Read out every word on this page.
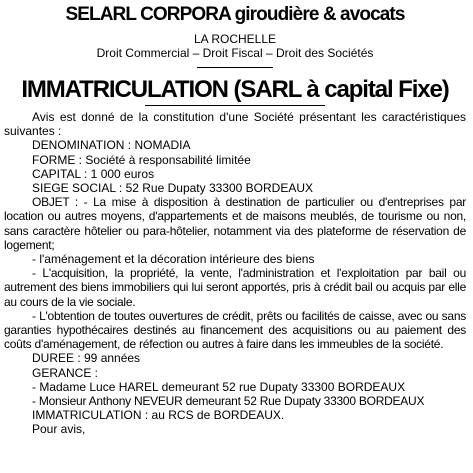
SELARL CORPORA giroudière & avocats
LA ROCHELLE
Droit Commercial – Droit Fiscal – Droit des Sociétés
IMMATRICULATION (SARL à capital Fixe)

Avis est donné de la constitution d'une Société présentant les caractéristiques suivantes :

DENOMINATION : NOMADIA

FORME : Société à responsabilité limitée

CAPITAL : 1 000 euros

SIEGE SOCIAL : 52 Rue Dupaty 33300 BORDEAUX

OBJET : - La mise à disposition à destination de particulier ou d'entreprises par location ou autres moyens, d'appartements et de maisons meublés, de tourisme ou non, sans caractère hôtelier ou para-hôtelier, notamment via des plateforme de réservation de logement;

- l'aménagement et la décoration intérieure des biens

- L'acquisition, la propriété, la vente, l'administration et l'exploitation par bail ou autrement des biens immobiliers qui lui seront apportés, pris à crédit bail ou acquis par elle au cours de la vie sociale.

- L'obtention de toutes ouvertures de crédit, prêts ou facilités de caisse, avec ou sans garanties hypothécaires destinés au financement des acquisitions ou au paiement des coûts d'aménagement, de réfection ou autres à faire dans les immeubles de la société.

DUREE : 99 années

GERANCE :

- Madame Luce HAREL demeurant 52 rue Dupaty 33300 BORDEAUX

- Monsieur Anthony NEVEUR demeurant 52 Rue Dupaty 33300 BORDEAUX

IMMATRICULATION : au RCS de BORDEAUX.

Pour avis,
